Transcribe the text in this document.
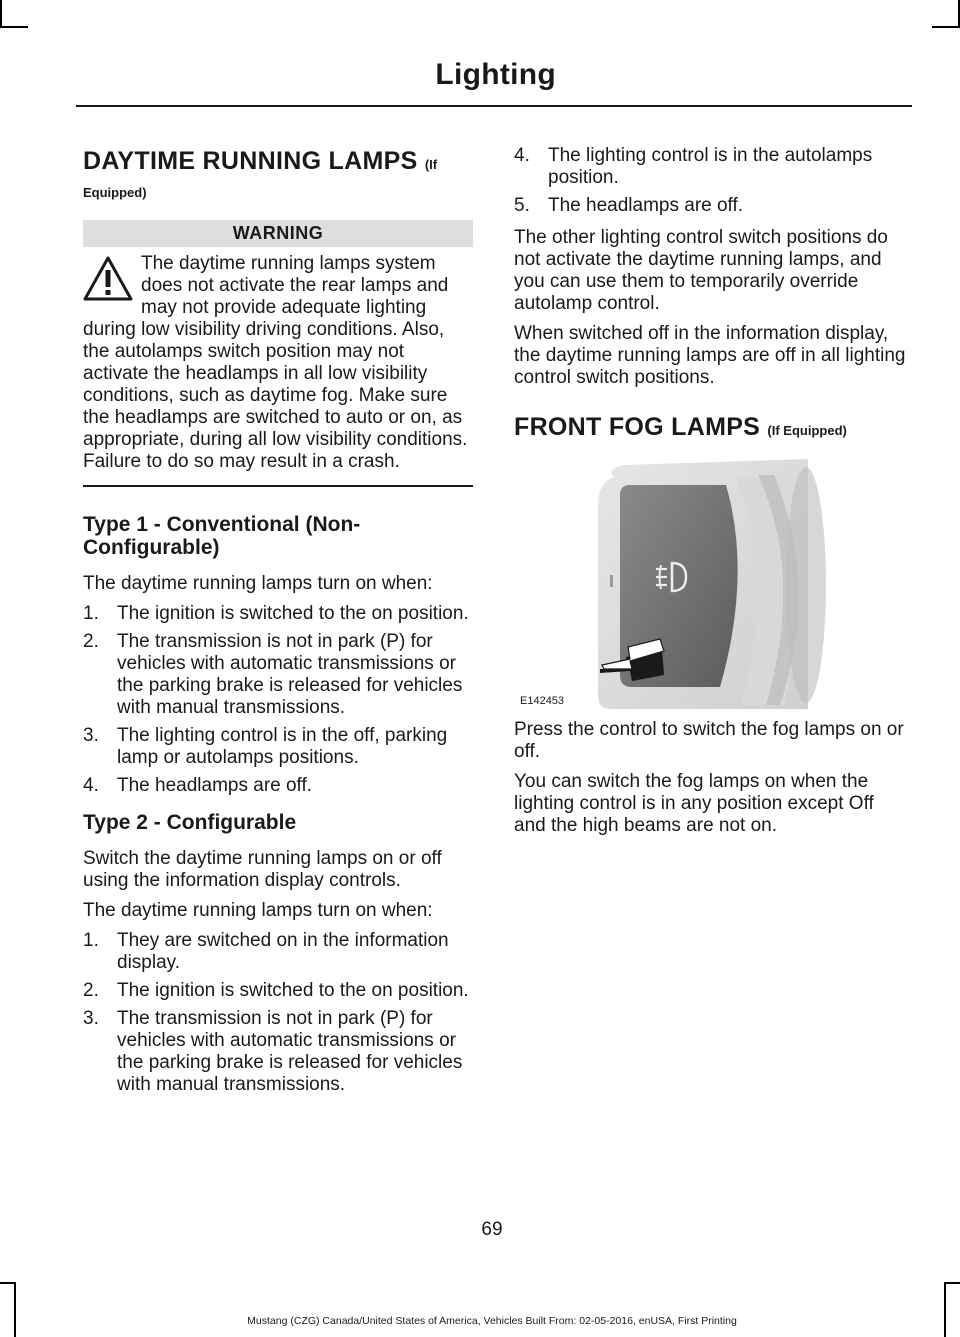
Lighting
DAYTIME RUNNING LAMPS (If
Equipped)
WARNING
The daytime running lamps system does not activate the rear lamps and may not provide adequate lighting during low visibility driving conditions. Also, the autolamps switch position may not activate the headlamps in all low visibility conditions, such as daytime fog. Make sure the headlamps are switched to auto or on, as appropriate, during all low visibility conditions. Failure to do so may result in a crash.
Type 1 - Conventional (Non-Configurable)

The daytime running lamps turn on when:

1. The ignition is switched to the on position.
2. The transmission is not in park (P) for vehicles with automatic transmissions or the parking brake is released for vehicles with manual transmissions.
3. The lighting control is in the off, parking lamp or autolamps positions.
4. The headlamps are off.
Type 2 - Configurable

Switch the daytime running lamps on or off using the information display controls.

The daytime running lamps turn on when:

1. They are switched on in the information display.
2. The ignition is switched to the on position.
3. The transmission is not in park (P) for vehicles with automatic transmissions or the parking brake is released for vehicles with manual transmissions.
4. The lighting control is in the autolamps position.
5. The headlamps are off.

The other lighting control switch positions do not activate the daytime running lamps, and you can use them to temporarily override autolamp control.

When switched off in the information display, the daytime running lamps are off in all lighting control switch positions.

FRONT FOG LAMPS (If Equipped)
E142453

Press the control to switch the fog lamps on or off.

You can switch the fog lamps on when the lighting control is in any position except Off and the high beams are not on.

69
Mustang (CZG) Canada/United States of America, Vehicles Built From: 02-05-2016, enUSA, First Printing
